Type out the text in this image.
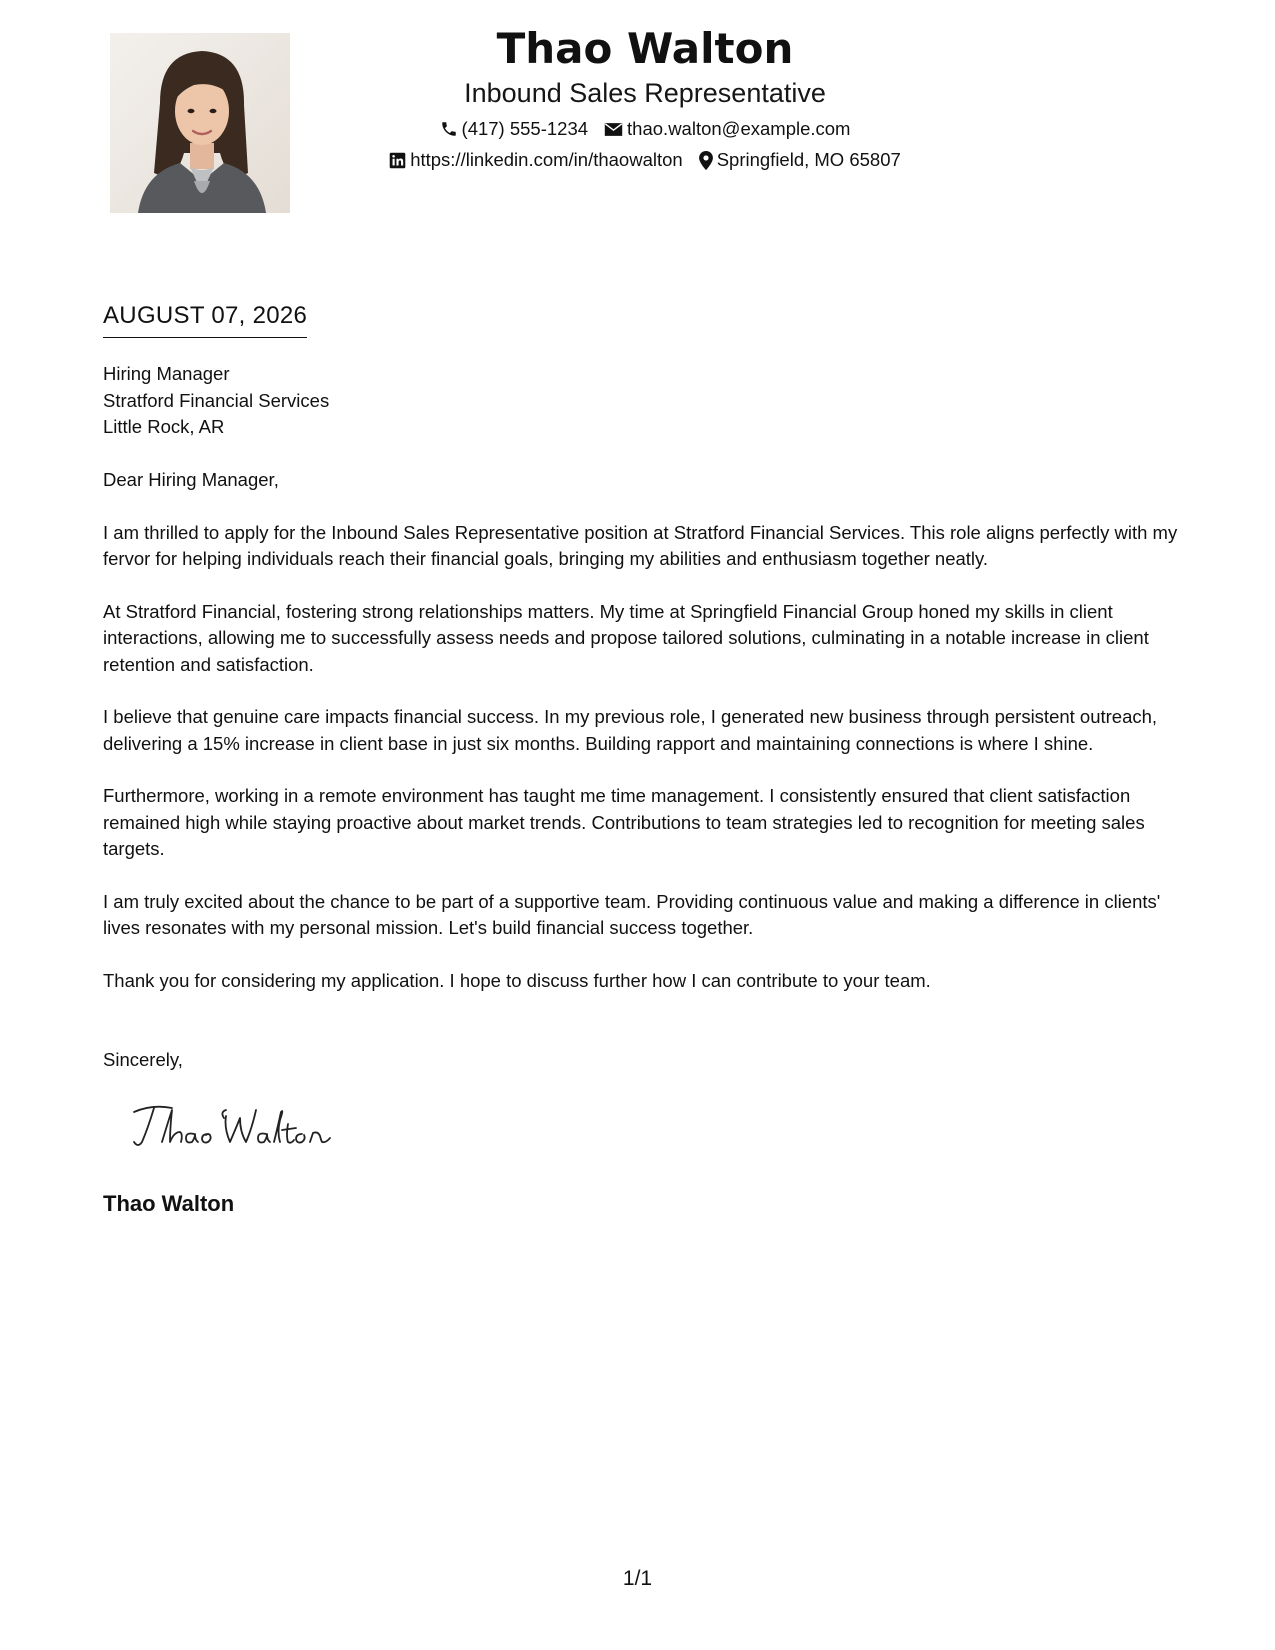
Thao Walton
Inbound Sales Representative
(417) 555-1234 thao.walton@example.com
https://linkedin.com/in/thaowalton Springfield, MO 65807
AUGUST 07, 2026
Hiring Manager
Stratford Financial Services
Little Rock, AR

Dear Hiring Manager,

I am thrilled to apply for the Inbound Sales Representative position at Stratford Financial Services. This role aligns perfectly with my fervor for helping individuals reach their financial goals, bringing my abilities and enthusiasm together neatly.

At Stratford Financial, fostering strong relationships matters. My time at Springfield Financial Group honed my skills in client interactions, allowing me to successfully assess needs and propose tailored solutions, culminating in a notable increase in client retention and satisfaction.

I believe that genuine care impacts financial success. In my previous role, I generated new business through persistent outreach, delivering a 15% increase in client base in just six months. Building rapport and maintaining connections is where I shine.

Furthermore, working in a remote environment has taught me time management. I consistently ensured that client satisfaction remained high while staying proactive about market trends. Contributions to team strategies led to recognition for meeting sales targets.

I am truly excited about the chance to be part of a supportive team. Providing continuous value and making a difference in clients' lives resonates with my personal mission. Let's build financial success together.

Thank you for considering my application. I hope to discuss further how I can contribute to your team.

Sincerely,
Thao Walton
1/1
